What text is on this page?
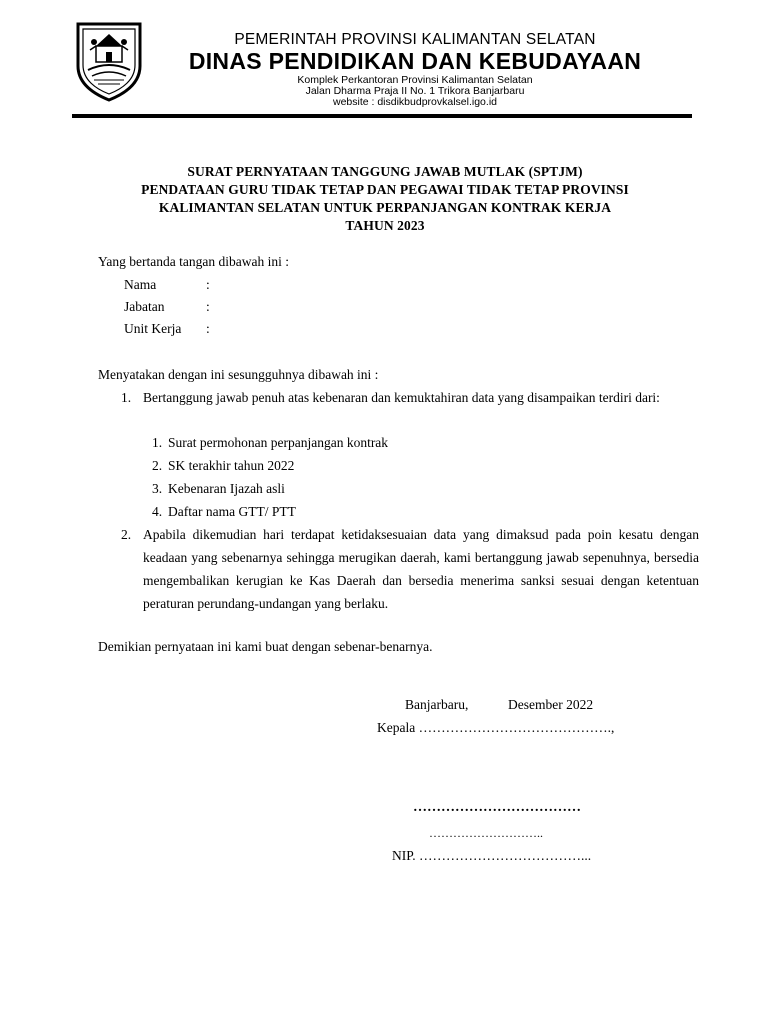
PEMERINTAH PROVINSI KALIMANTAN SELATAN
DINAS PENDIDIKAN DAN KEBUDAYAAN
Komplek Perkantoran Provinsi Kalimantan Selatan
Jalan Dharma Praja II No. 1 Trikora Banjarbaru
website : disdikbudprovkalsel.igo.id
SURAT PERNYATAAN TANGGUNG JAWAB MUTLAK (SPTJM)
PENDATAAN GURU TIDAK TETAP DAN PEGAWAI TIDAK TETAP PROVINSI
KALIMANTAN SELATAN UNTUK PERPANJANGAN KONTRAK KERJA
TAHUN 2023
Yang bertanda tangan dibawah ini :
Nama	:
Jabatan	:
Unit Kerja :
Menyatakan dengan ini sesungguhnya dibawah ini :
1. Bertanggung jawab penuh atas kebenaran dan kemuktahiran data yang disampaikan terdiri dari:
1. Surat permohonan perpanjangan kontrak
2. SK terakhir tahun 2022
3. Kebenaran Ijazah asli
4. Daftar nama GTT/ PTT
2. Apabila dikemudian hari terdapat ketidaksesuaian data yang dimaksud pada poin kesatu dengan keadaan yang sebenarnya sehingga merugikan daerah, kami bertanggung jawab sepenuhnya, bersedia mengembalikan kerugian ke Kas Daerah dan bersedia menerima sanksi sesuai dengan ketentuan peraturan perundang-undangan yang berlaku.
Demikian pernyataan ini kami buat dengan sebenar-benarnya.
Banjarbaru,	Desember 2022
Kepala …………………………………….,
………………………………
………………………..
NIP. ………………………………...
